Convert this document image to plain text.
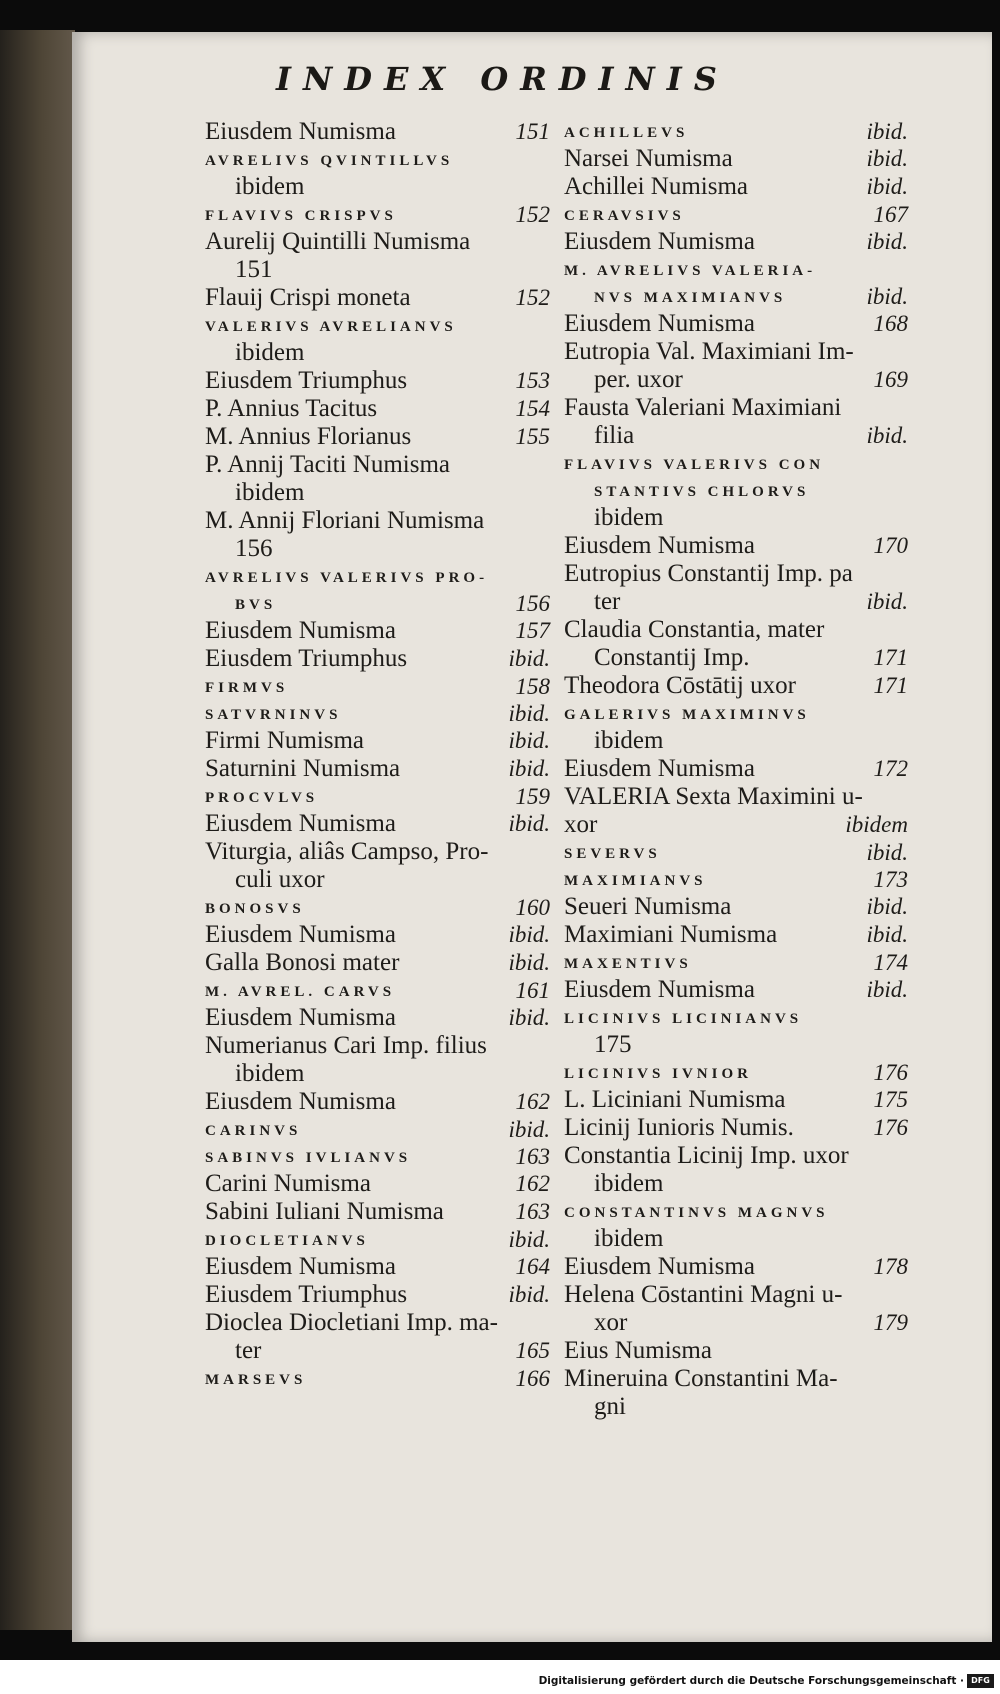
INDEX ORDINIS
Eiusdem Numisma	151
AVRELIVS QVINTILLVS
ibidem
FLAVIVS CRISPVS	152
Aurelij Quintilli Numisma
151
Flauij Crispi moneta	152
VALERIVS AVRELIANVS
ibidem
Eiusdem Triumphus	153
P. Annius Tacitus	154
M. Annius Florianus	155
P. Annij Taciti Numisma
ibidem
M. Annij Floriani Numisma
156
AVRELIVS VALERIVS PRO-
BVS	156
Eiusdem Numisma	157
Eiusdem Triumphus	ibid.
FIRMVS	158
SATVRNINVS	ibid.
Firmi Numisma	ibid.
Saturnini Numisma	ibid.
PROCVLVS	159
Eiusdem Numisma	ibid.
Viturgia, aliâs Campso, Pro-
culi uxor
BONOSVS	160
Eiusdem Numisma	ibid.
Galla Bonosi mater	ibid.
M. AVREL. CARVS	161
Eiusdem Numisma	ibid.
Numerianus Cari Imp. filius
ibidem
Eiusdem Numisma	162
CARINVS	ibid.
SABINVS IVLIANVS	163
Carini Numisma	162
Sabini Iuliani Numisma	163
DIOCLETIANVS	ibid.
Eiusdem Numisma	164
Eiusdem Triumphus	ibid.
Dioclea Diocletiani Imp. ma-
ter	165
MARSEVS	166
ACHILLEVS	ibid.
Narsei Numisma	ibid.
Achillei Numisma	ibid.
CERAVSIVS	167
Eiusdem Numisma	ibid.
M. AVRELIVS VALERIA-
NVS MAXIMIANVS	ibid.
Eiusdem Numisma	168
Eutropia Val. Maximiani Im-
per. uxor	169
Fausta Valeriani Maximiani
filia	ibid.
FLAVIVS VALERIVS CON
STANTIVS CHLORVS
ibidem
Eiusdem Numisma	170
Eutropius Constantij Imp. pa
ter	ibid.
Claudia Constantia, mater
Constantij Imp.	171
Theodora Cōstātij uxor	171
GALERIVS MAXIMINVS
ibidem
Eiusdem Numisma	172
VALERIA Sexta Maximini u-
xor	ibidem
SEVERVS	ibid.
MAXIMIANVS	173
Seueri Numisma	ibid.
Maximiani Numisma	ibid.
MAXENTIVS	174
Eiusdem Numisma	ibid.
LICINIVS LICINIANVS
175
LICINIVS IVNIOR	176
L. Liciniani Numisma	175
Licinij Iunioris Numis.	176
Constantia Licinij Imp. uxor
ibidem
CONSTANTINVS MAGNVS
ibidem
Eiusdem Numisma	178
Helena Cōstantini Magni u-
xor	179
Eius Numisma
Mineruina Constantini Ma-
gni
Digitalisierung gefördert durch die Deutsche Forschungsgemeinschaft · DFG
